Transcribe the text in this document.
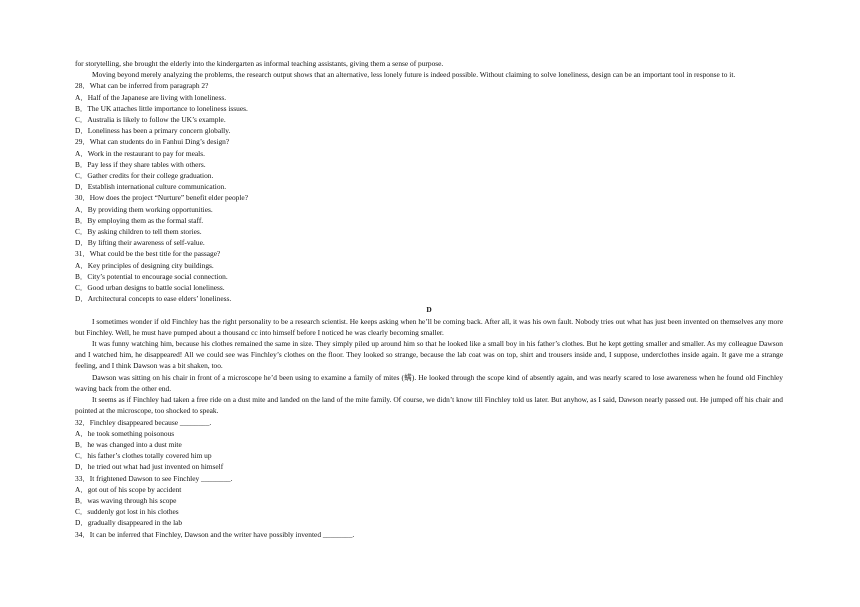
for storytelling, she brought the elderly into the kindergarten as informal teaching assistants, giving them a sense of purpose.

Moving beyond merely analyzing the problems, the research output shows that an alternative, less lonely future is indeed possible. Without claiming to solve loneliness, design can be an important tool in response to it.

28．What can be inferred from paragraph 2?

A．Half of the Japanese are living with loneliness.

B．The UK attaches little importance to loneliness issues.

C．Australia is likely to follow the UK’s example.

D．Loneliness has been a primary concern globally.

29．What can students do in Fanhui Ding’s design?

A．Work in the restaurant to pay for meals.

B．Pay less if they share tables with others.

C．Gather credits for their college graduation.

D．Establish international culture communication.

30．How does the project “Nurture” benefit elder people?

A．By providing them working opportunities.

B．By employing them as the formal staff.

C．By asking children to tell them stories.

D．By lifting their awareness of self-value.

31．What could be the best title for the passage?

A．Key principles of designing city buildings.

B．City’s potential to encourage social connection.

C．Good urban designs to battle social loneliness.

D．Architectural concepts to ease elders’ loneliness.

D

I sometimes wonder if old Finchley has the right personality to be a research scientist. He keeps asking when he’ll be coming back. After all, it was his own fault. Nobody tries out what has just been invented on themselves any more but Finchley. Well, he must have pumped about a thousand cc into himself before I noticed he was clearly becoming smaller.

It was funny watching him, because his clothes remained the same in size. They simply piled up around him so that he looked like a small boy in his father’s clothes. But he kept getting smaller and smaller. As my colleague Dawson and I watched him, he disappeared! All we could see was Finchley’s clothes on the floor. They looked so strange, because the lab coat was on top, shirt and trousers inside and, I suppose, underclothes inside again. It gave me a strange feeling, and I think Dawson was a bit shaken, too.

Dawson was sitting on his chair in front of a microscope he’d been using to examine a family of mites (螨). He looked through the scope kind of absently again, and was nearly scared to lose awareness when he found old Finchley waving back from the other end.

It seems as if Finchley had taken a free ride on a dust mite and landed on the land of the mite family. Of course, we didn’t know till Finchley told us later. But anyhow, as I said, Dawson nearly passed out. He jumped off his chair and pointed at the microscope, too shocked to speak.

32．Finchley disappeared because ________.

A．he took something poisonous

B．he was changed into a dust mite

C．his father’s clothes totally covered him up

D．he tried out what had just invented on himself

33．It frightened Dawson to see Finchley ________.

A．got out of his scope by accident

B．was waving through his scope

C．suddenly got lost in his clothes

D．gradually disappeared in the lab

34．It can be inferred that Finchley, Dawson and the writer have possibly invented ________.
